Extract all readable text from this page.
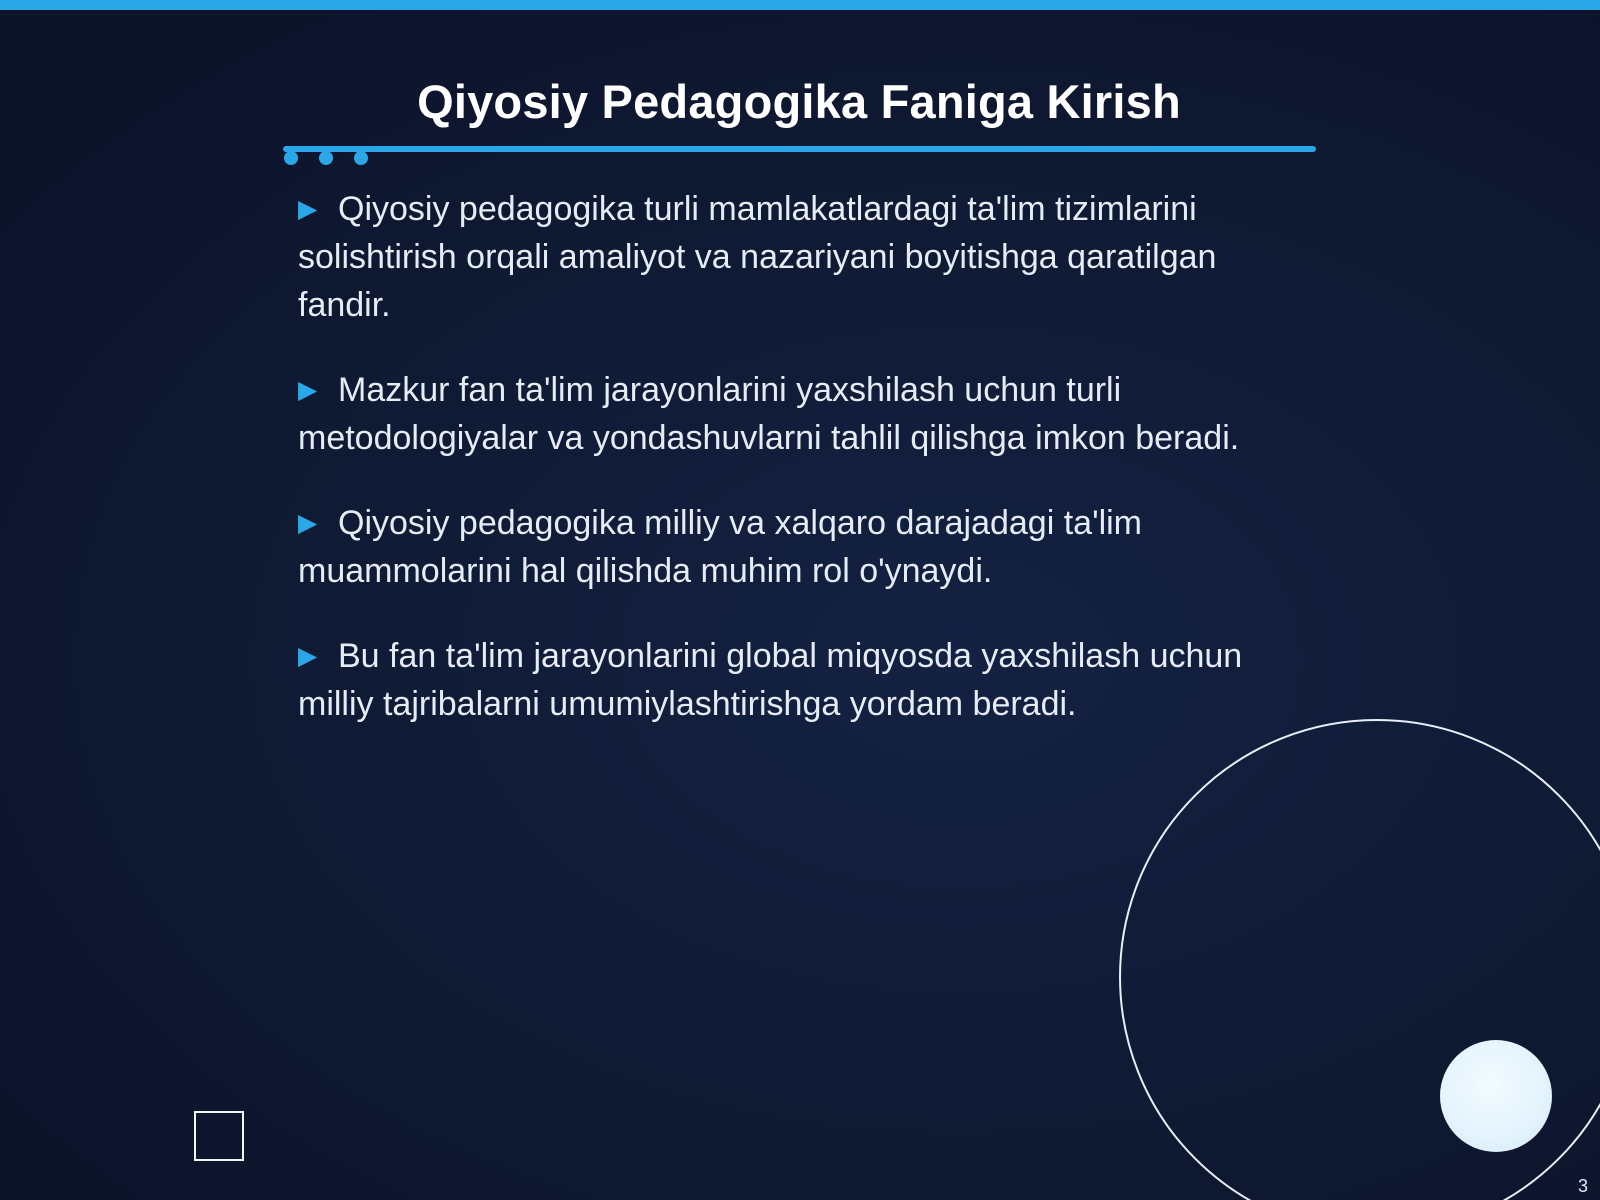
Qiyosiy Pedagogika Faniga Kirish
▶ Qiyosiy pedagogika turli mamlakatlardagi ta'lim tizimlarini solishtirish orqali amaliyot va nazariyani boyitishga qaratilgan fandir.
▶ Mazkur fan ta'lim jarayonlarini yaxshilash uchun turli metodologiyalar va yondashuvlarni tahlil qilishga imkon beradi.
▶ Qiyosiy pedagogika milliy va xalqaro darajadagi ta'lim muammolarini hal qilishda muhim rol o'ynaydi.
▶ Bu fan ta'lim jarayonlarini global miqyosda yaxshilash uchun milliy tajribalarni umumiylashtirishga yordam beradi.
3
